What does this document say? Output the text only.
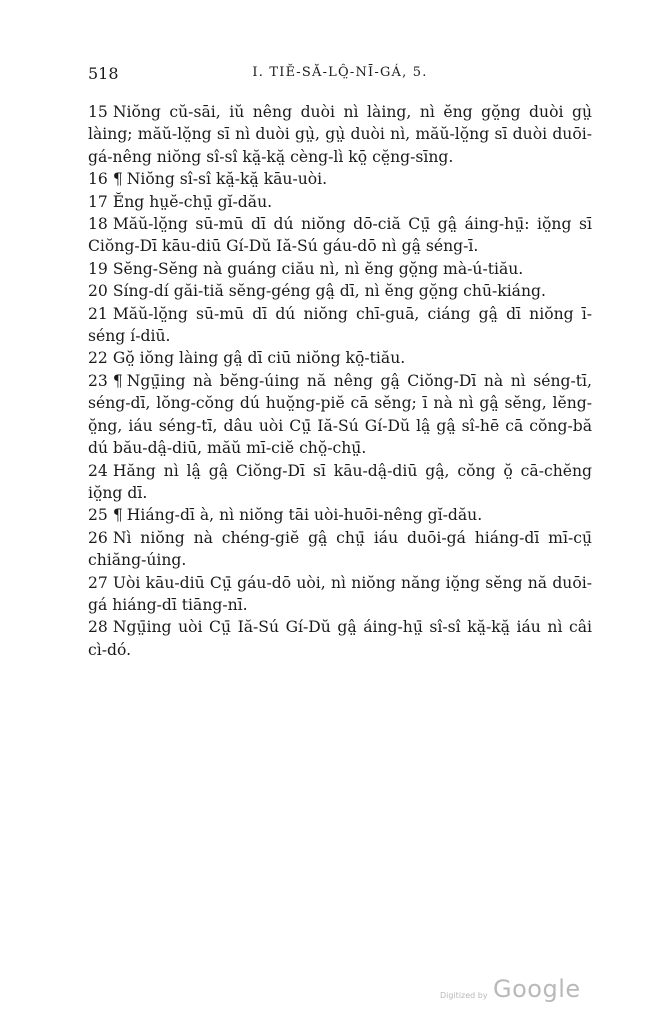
518	I. TIĔ-SĂ-LÔ̤-NĪ-GÁ, 5.

15 Niŏng cŭ-sāi, iŭ nêng duòi nì làing, nì ĕng gŏ̤ng duòi gṳ̀ làing; măŭ-lŏ̤ng sī nì duòi gṳ̀, gṳ̀ duòi nì, măŭ-lŏ̤ng sī duòi duōi-gá-nêng niŏng sî-sî kă̤-kă̤ cèng-lì kō̤ cĕ̤ng-sīng.

16 ¶ Niŏng sî-sî kă̤-kă̤ kāu-uòi.

17 Ĕng hṳĕ-chṳ̄ gĭ-dău.

18 Măŭ-lŏ̤ng sū-mū dī dú niŏng dō-ciă Cṳ̄ gâ̤ áing-hṳ̄: iŏ̤ng sī Ciŏng-Dī kāu-diū Gí-Dŭ Iă-Sú gáu-dō nì gâ̤ séng-ī.

19 Sĕng-Sĕng nà guáng ciău nì, nì ĕng gŏ̤ng mà-ú-tiău.

20 Síng-dí găi-tiă sĕng-géng gâ̤ dī, nì ĕng gŏ̤ng chū-kiáng.

21 Măŭ-lŏ̤ng sū-mū dī dú niŏng chī-guā, ciáng gâ̤ dī niŏng ī-séng í-diū.

22 Gŏ̤ iŏng làing gâ̤ dī ciū niŏng kō̤-tiău.

23 ¶ Ngṳ̄ing nà bĕng-úing nă nêng gâ̤ Ciŏng-Dī nà nì séng-tī, séng-dī, lŏng-cŏng dú huŏ̤ng-piĕ cā sĕng; ī nà nì gâ̤ sĕng, lĕng-ŏ̤ng, iáu séng-tī, dâu uòi Cṳ̄ Iă-Sú Gí-Dŭ lâ̤ gâ̤ sî-hē cā cŏng-bă dú bău-dâ̤-diū, măŭ mī-ciĕ chŏ̤-chṳ̄.

24 Hăng nì lâ̤ gâ̤ Ciŏng-Dī sī kāu-dâ̤-diū gâ̤, cŏng ŏ̤ cā-chĕng iŏ̤ng dī.

25 ¶ Hiáng-dī à, nì niŏng tāi uòi-huōi-nêng gĭ-dău.

26 Nì niŏng nà chéng-giĕ gâ̤ chṳ̄ iáu duōi-gá hiáng-dī mī-cṳ̄ chiăng-úing.

27 Uòi kāu-diū Cṳ̄ gáu-dō uòi, nì niŏng năng iŏ̤ng sĕng nă duōi-gá hiáng-dī tiāng-nī.

28 Ngṳ̄ing uòi Cṳ̄ Iă-Sú Gí-Dŭ gâ̤ áing-hṳ̄ sî-sî kă̤-kă̤ iáu nì câi cì-dó.

Digitized by Google
